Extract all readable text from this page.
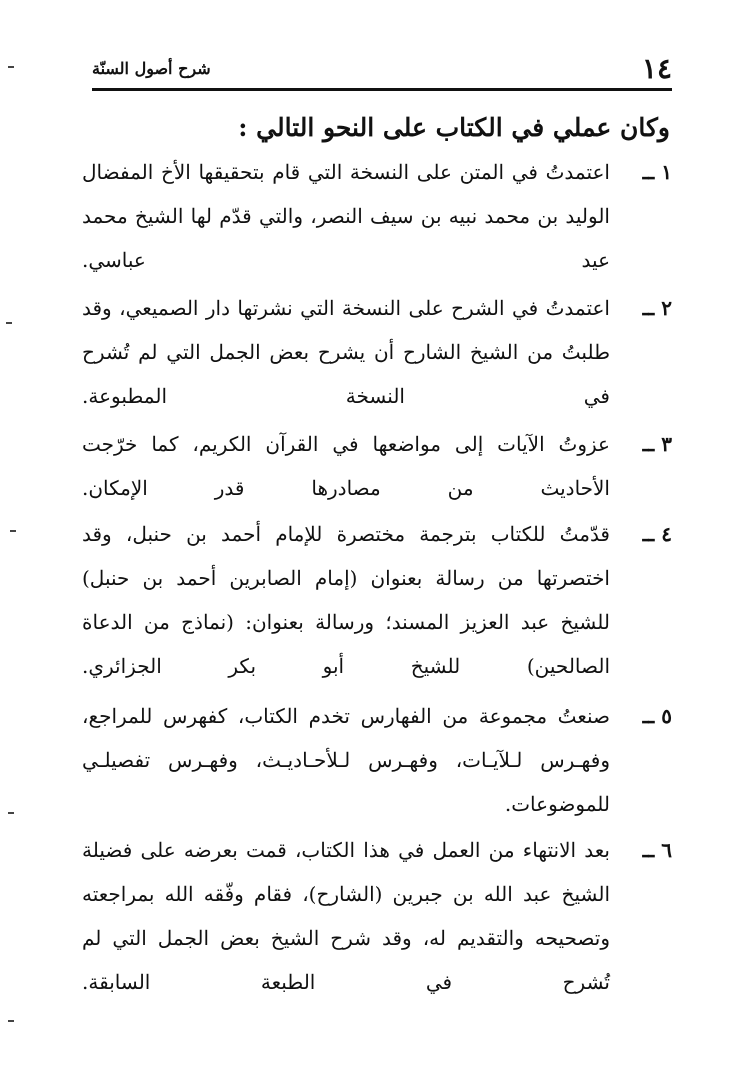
١٤
شرح أصول السنّة
وكان عملي في الكتاب على النحو التالي :
١ ــ
اعتمدتُ في المتن على النسخة التي قام بتحقيقها الأخ المفضال الوليد بن محمد نبيه بن سيف النصر، والتي قدّم لها الشيخ محمد عيد عباسي.
٢ ــ
اعتمدتُ في الشرح على النسخة التي نشرتها دار الصميعي، وقد طلبتُ من الشيخ الشارح أن يشرح بعض الجمل التي لم تُشرح في النسخة المطبوعة.
٣ ــ
عزوتُ الآيات إلى مواضعها في القرآن الكريم، كما خرّجت الأحاديث من مصادرها قدر الإمكان.
٤ ــ
قدّمتُ للكتاب بترجمة مختصرة للإمام أحمد بن حنبل، وقد اختصرتها من رسالة بعنوان (إمام الصابرين أحمد بن حنبل) للشيخ عبد العزيز المسند؛ ورسالة بعنوان: (نماذج من الدعاة الصالحين) للشيخ أبو بكر الجزائري.
٥ ــ
صنعتُ مجموعة من الفهارس تخدم الكتاب، كفهرس للمراجع، وفهـرس لـلآيـات، وفهـرس لـلأحـاديـث، وفهـرس تفصيلـي للموضوعات.
٦ ــ
بعد الانتهاء من العمل في هذا الكتاب، قمت بعرضه على فضيلة الشيخ عبد الله بن جبرين (الشارح)، فقام وفّقه الله بمراجعته وتصحيحه والتقديم له، وقد شرح الشيخ بعض الجمل التي لم تُشرح في الطبعة السابقة.
